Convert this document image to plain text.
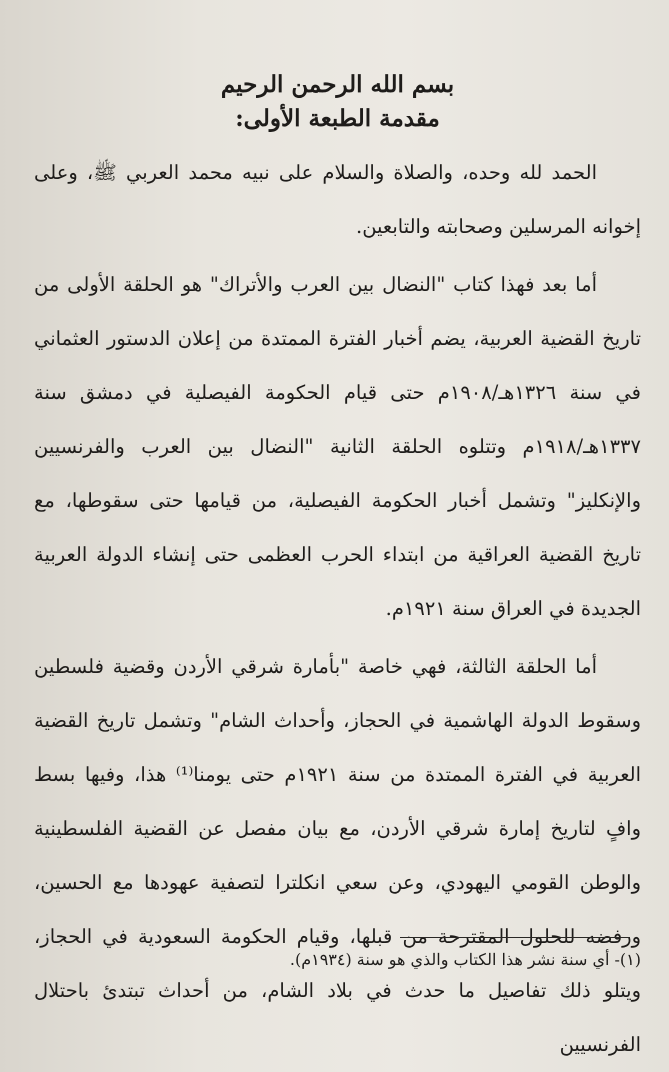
بسم الله الرحمن الرحيم

مقدمة الطبعة الأولى:

الحمد لله وحده، والصلاة والسلام على نبيه محمد العربي ﷺ، وعلى إخوانه المرسلين وصحابته والتابعين.

أما بعد فهذا كتاب "النضال بين العرب والأتراك" هو الحلقة الأولى من تاريخ القضية العربية، يضم أخبار الفترة الممتدة من إعلان الدستور العثماني في سنة ١٣٢٦هـ/١٩٠٨م حتى قيام الحكومة الفيصلية في دمشق سنة ١٣٣٧هـ/١٩١٨م وتتلوه الحلقة الثانية "النضال بين العرب والفرنسيين والإنكليز" وتشمل أخبار الحكومة الفيصلية، من قيامها حتى سقوطها، مع تاريخ القضية العراقية من ابتداء الحرب العظمى حتى إنشاء الدولة العربية الجديدة في العراق سنة ١٩٢١م.

أما الحلقة الثالثة، فهي خاصة "بأمارة شرقي الأردن وقضية فلسطين وسقوط الدولة الهاشمية في الحجاز، وأحداث الشام" وتشمل تاريخ القضية العربية في الفترة الممتدة من سنة ١٩٢١م حتى يومنا⁽¹⁾ هذا، وفيها بسط وافٍ لتاريخ إمارة شرقي الأردن، مع بيان مفصل عن القضية الفلسطينية والوطن القومي اليهودي، وعن سعي انكلترا لتصفية عهودها مع الحسين، ورفضه للحلول المقترحة من قبلها، وقيام الحكومة السعودية في الحجاز، ويتلو ذلك تفاصيل ما حدث في بلاد الشام، من أحداث تبتدئ باحتلال الفرنسيين

(١)- أي سنة نشر هذا الكتاب والذي هو سنة (١٩٣٤م).
